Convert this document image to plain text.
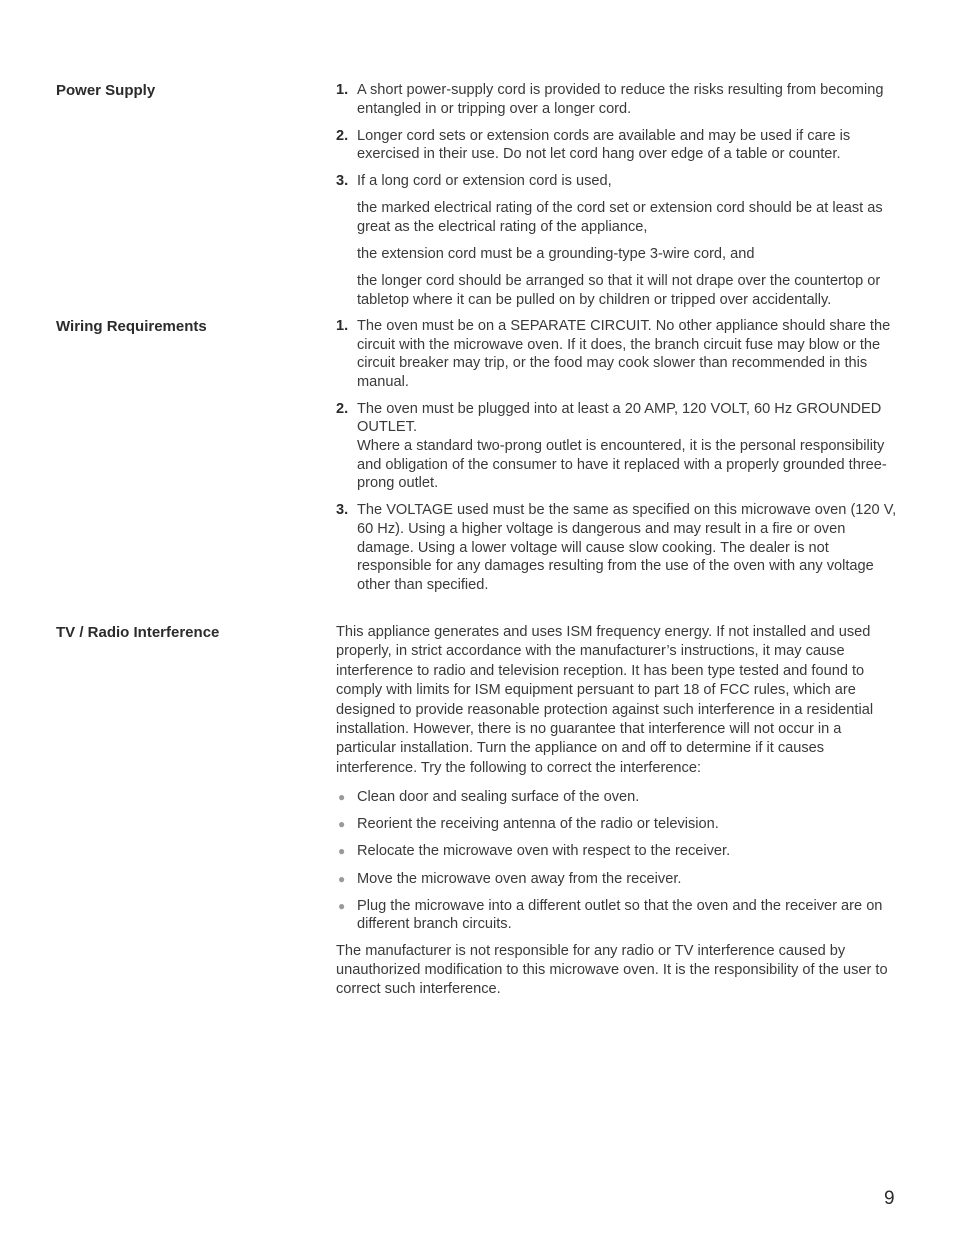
Power Supply	1. A short power-supply cord is provided to reduce the risks resulting from becoming entangled in or tripping over a longer cord.

2. Longer cord sets or extension cords are available and may be used if care is exercised in their use. Do not let cord hang over edge of a table or counter.

3. If a long cord or extension cord is used,

the marked electrical rating of the cord set or extension cord should be at least as great as the electrical rating of the appliance,

the extension cord must be a grounding-type 3-wire cord, and

the longer cord should be arranged so that it will not drape over the countertop or tabletop where it can be pulled on by children or tripped over accidentally.

Wiring Requirements	1. The oven must be on a SEPARATE CIRCUIT. No other appliance should share the circuit with the microwave oven. If it does, the branch circuit fuse may blow or the circuit breaker may trip, or the food may cook slower than recommended in this manual.

2. The oven must be plugged into at least a 20 AMP, 120 VOLT, 60 Hz GROUNDED OUTLET.

Where a standard two-prong outlet is encountered, it is the personal responsibility and obligation of the consumer to have it replaced with a properly grounded three-prong outlet.

3. The VOLTAGE used must be the same as specified on this microwave oven (120 V, 60 Hz). Using a higher voltage is dangerous and may result in a fire or oven damage. Using a lower voltage will cause slow cooking. The dealer is not responsible for any damages resulting from the use of the oven with any voltage other than specified.

TV / Radio Interference	This appliance generates and uses ISM frequency energy. If not installed and used properly, in strict accordance with the manufacturer’s instructions, it may cause interference to radio and television reception. It has been type tested and found to comply with limits for ISM equipment persuant to part 18 of FCC rules, which are designed to provide reasonable protection against such interference in a residential installation. However, there is no guarantee that interference will not occur in a particular installation. Turn the appliance on and off to determine if it causes interference. Try the following to correct the interference:

● Clean door and sealing surface of the oven.

● Reorient the receiving antenna of the radio or television.

● Relocate the microwave oven with respect to the receiver.

● Move the microwave oven away from the receiver.

● Plug the microwave into a different outlet so that the oven and the receiver are on different branch circuits.

The manufacturer is not responsible for any radio or TV interference caused by unauthorized modification to this microwave oven. It is the responsibility of the user to correct such interference.

9
